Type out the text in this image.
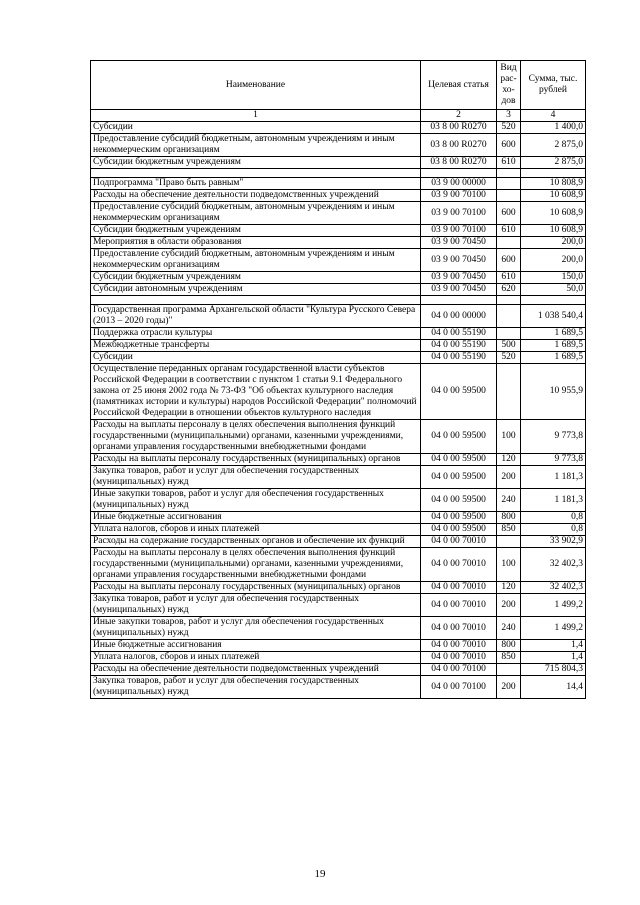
Наименование	Целевая статья	Вид рас-хо-дов	Сумма, тыс. рублей
1	2	3	4
Субсидии	03 8 00 R0270	520	1 400,0
Предоставление субсидий бюджетным, автономным учреждениям и иным некоммерческим организациям	03 8 00 R0270	600	2 875,0
Субсидии бюджетным учреждениям	03 8 00 R0270	610	2 875,0

Подпрограмма "Право быть равным"	03 9 00 00000		10 808,9
Расходы на обеспечение деятельности подведомственных учреждений	03 9 00 70100		10 608,9
Предоставление субсидий бюджетным, автономным учреждениям и иным некоммерческим организациям	03 9 00 70100	600	10 608,9
Субсидии бюджетным учреждениям	03 9 00 70100	610	10 608,9
Мероприятия в области образования	03 9 00 70450		200,0
Предоставление субсидий бюджетным, автономным учреждениям и иным некоммерческим организациям	03 9 00 70450	600	200,0
Субсидии бюджетным учреждениям	03 9 00 70450	610	150,0
Субсидии автономным учреждениям	03 9 00 70450	620	50,0

Государственная программа Архангельской области "Культура Русского Севера (2013 – 2020 годы)"	04 0 00 00000		1 038 540,4
Поддержка отрасли культуры	04 0 00 55190		1 689,5
Межбюджетные трансферты	04 0 00 55190	500	1 689,5
Субсидии	04 0 00 55190	520	1 689,5
Осуществление переданных органам государственной власти субъектов Российской Федерации в соответствии с пунктом 1 статьи 9.1 Федерального закона от 25 июня 2002 года № 73-ФЗ "Об объектах культурного наследия (памятниках истории и культуры) народов Российской Федерации" полномочий Российской Федерации в отношении объектов культурного наследия	04 0 00 59500		10 955,9
Расходы на выплаты персоналу в целях обеспечения выполнения функций государственными (муниципальными) органами, казенными учреждениями, органами управления государственными внебюджетными фондами	04 0 00 59500	100	9 773,8
Расходы на выплаты персоналу государственных (муниципальных) органов	04 0 00 59500	120	9 773,8
Закупка товаров, работ и услуг для обеспечения государственных (муниципальных) нужд	04 0 00 59500	200	1 181,3
Иные закупки товаров, работ и услуг для обеспечения государственных (муниципальных) нужд	04 0 00 59500	240	1 181,3
Иные бюджетные ассигнования	04 0 00 59500	800	0,8
Уплата налогов, сборов и иных платежей	04 0 00 59500	850	0,8
Расходы на содержание государственных органов и обеспечение их функций	04 0 00 70010		33 902,9
Расходы на выплаты персоналу в целях обеспечения выполнения функций государственными (муниципальными) органами, казенными учреждениями, органами управления государственными внебюджетными фондами	04 0 00 70010	100	32 402,3
Расходы на выплаты персоналу государственных (муниципальных) органов	04 0 00 70010	120	32 402,3
Закупка товаров, работ и услуг для обеспечения государственных (муниципальных) нужд	04 0 00 70010	200	1 499,2
Иные закупки товаров, работ и услуг для обеспечения государственных (муниципальных) нужд	04 0 00 70010	240	1 499,2
Иные бюджетные ассигнования	04 0 00 70010	800	1,4
Уплата налогов, сборов и иных платежей	04 0 00 70010	850	1,4
Расходы на обеспечение деятельности подведомственных учреждений	04 0 00 70100		715 804,3
Закупка товаров, работ и услуг для обеспечения государственных (муниципальных) нужд	04 0 00 70100	200	14,4
19
